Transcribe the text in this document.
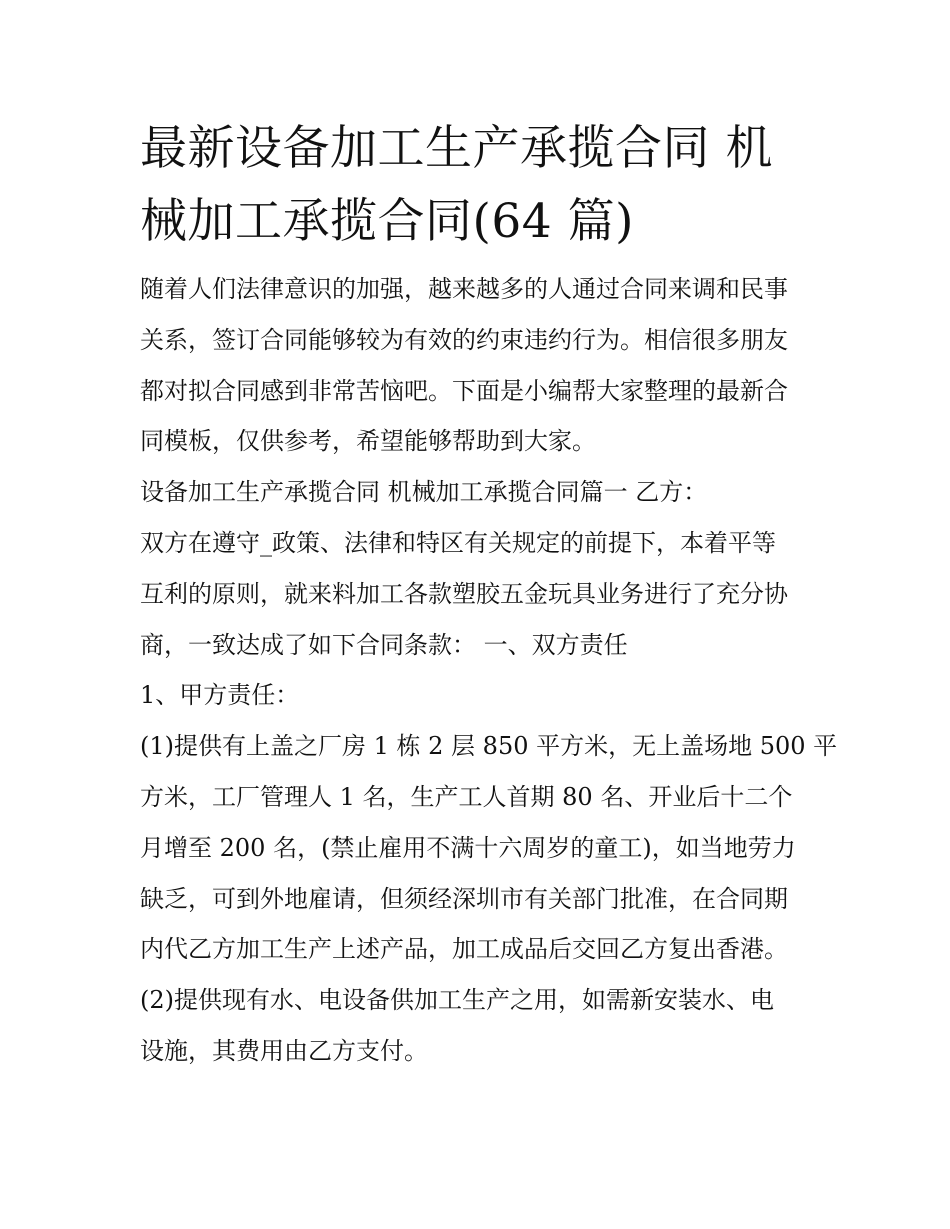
最新设备加工生产承揽合同 机
械加工承揽合同(64 篇)

随着人们法律意识的加强，越来越多的人通过合同来调和民事
关系，签订合同能够较为有效的约束违约行为。相信很多朋友
都对拟合同感到非常苦恼吧。下面是小编帮大家整理的最新合
同模板，仅供参考，希望能够帮助到大家。

设备加工生产承揽合同 机械加工承揽合同篇一 乙方：

双方在遵守_政策、法律和特区有关规定的前提下，本着平等
互利的原则，就来料加工各款塑胶五金玩具业务进行了充分协
商，一致达成了如下合同条款： 一、双方责任

1、甲方责任：

(1)提供有上盖之厂房 1 栋 2 层 850 平方米，无上盖场地 500 平
方米，工厂管理人 1 名，生产工人首期 80 名、开业后十二个
月增至 200 名，(禁止雇用不满十六周岁的童工)，如当地劳力
缺乏，可到外地雇请，但须经深圳市有关部门批准，在合同期
内代乙方加工生产上述产品，加工成品后交回乙方复出香港。

(2)提供现有水、电设备供加工生产之用，如需新安装水、电
设施，其费用由乙方支付。
